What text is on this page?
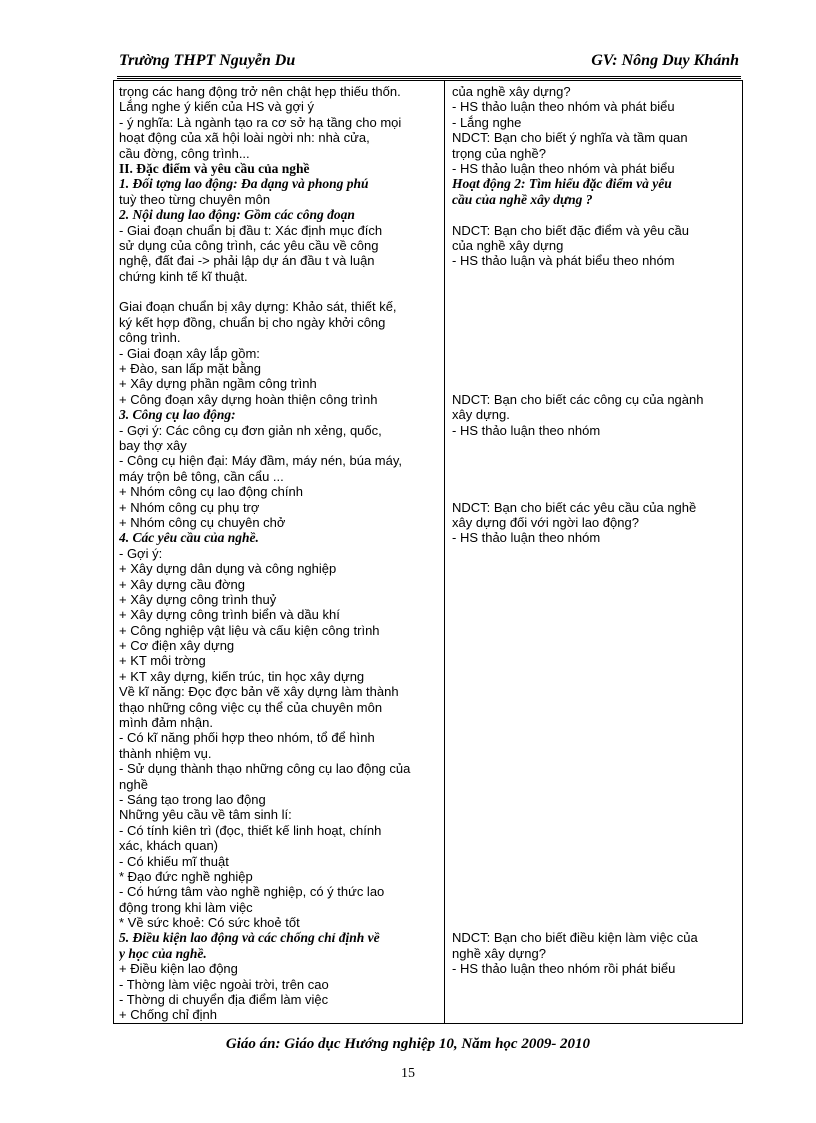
Trường THPT Nguyễn Du	GV: Nông Duy Khánh
trọng các hang động trở nên chật hẹp thiếu thốn.
Lắng nghe ý kiến của HS và gợi ý
- ý nghĩa: Là ngành tạo ra cơ sở hạ tầng cho mọi
hoạt động của xã hội loài ngời nh: nhà cửa,
cầu đờng, công trình...
II. Đặc điểm và yêu cầu của nghề
1. Đối tợng lao động: Đa dạng và phong phú
tuỳ theo từng chuyên môn
2. Nội dung lao động: Gồm các công đoạn
- Giai đoạn chuẩn bị đầu t: Xác định mục đích
sử dụng của công trình, các yêu cầu về công
nghệ, đất đai -> phải lập dự án đầu t và luận
chứng kinh tế kĩ thuật.
Giai đoạn chuẩn bị xây dựng: Khảo sát, thiết kế,
ký kết hợp đồng, chuẩn bị cho ngày khởi công
công trình.
- Giai đoạn xây lắp gồm:
+ Đào, san lấp mặt bằng
+ Xây dựng phần ngầm công trình
+ Công đoạn xây dựng hoàn thiện công trình
3. Công cụ lao động:
- Gợi ý: Các công cụ đơn giản nh xẻng, quốc,
bay thợ xây
- Công cụ hiện đại: Máy đầm, máy nén, búa máy,
máy trộn bê tông, cần cẩu ...
+ Nhóm công cụ lao động chính
+ Nhóm công cụ phụ trợ
+ Nhóm công cụ chuyên chở
4. Các yêu cầu của nghề.
- Gợi ý:
+ Xây dựng dân dụng và công nghiệp
+ Xây dựng cầu đờng
+ Xây dựng công trình thuỷ
+ Xây dựng công trình biển và dầu khí
+ Công nghiệp vật liệu và cấu kiện công trình
+ Cơ điện xây dựng
+ KT môi trờng
+ KT xây dựng, kiến trúc, tin học xây dựng
Về kĩ năng: Đọc đợc bản vẽ xây dựng làm thành
thạo những công việc cụ thể của chuyên môn
mình đảm nhận.
- Có kĩ năng phối hợp theo nhóm, tổ để hình
thành nhiệm vụ.
- Sử dụng thành thạo những công cụ lao động của
nghề
- Sáng tạo trong lao động
Những yêu cầu về tâm sinh lí:
- Có tính kiên trì (đọc, thiết kế linh hoạt, chính
xác, khách quan)
- Có khiếu mĩ thuật
* Đạo đức nghề nghiệp
- Có hứng tâm vào nghề nghiệp, có ý thức lao
động trong khi làm việc
* Về sức khoẻ: Có sức khoẻ tốt
5. Điều kiện lao động và các chống chỉ định về
y học của nghề.
+ Điều kiện lao động
- Thờng làm việc ngoài trời, trên cao
- Thờng di chuyển địa điểm làm việc
+ Chống chỉ định
của nghề xây dựng?
- HS thảo luận theo nhóm và phát biểu
- Lắng nghe
NDCT: Bạn cho biết ý nghĩa và tầm quan
trọng của nghề?
- HS thảo luận theo nhóm và phát biểu
Hoạt động 2: Tìm hiểu đặc điểm và yêu
cầu của nghề xây dựng ?
NDCT: Bạn cho biết đặc điểm và yêu cầu
của nghề xây dựng
- HS thảo luận và phát biểu theo nhóm
NDCT: Bạn cho biết các công cụ của ngành
xây dựng.
- HS thảo luận theo nhóm
NDCT: Bạn cho biết các yêu cầu của nghề
xây dựng đối với ngời lao động?
- HS thảo luận theo nhóm
NDCT: Bạn cho biết điều kiện làm việc của
nghề xây dựng?
- HS thảo luận theo nhóm rồi phát biểu
Giáo án: Giáo dục Hướng nghiệp 10, Năm học 2009- 2010
15
